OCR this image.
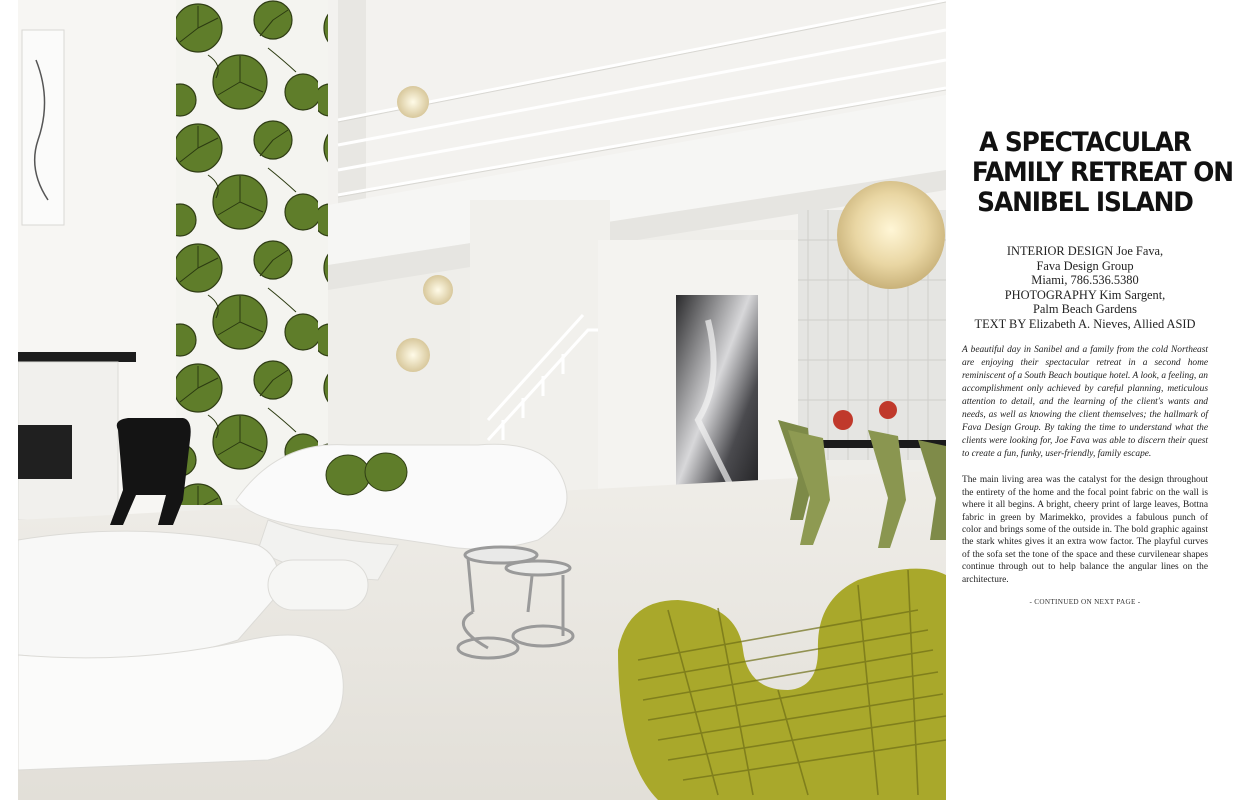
A SPECTACULAR
FAMILY RETREAT ON
SANIBEL ISLAND
INTERIOR DESIGN Joe Fava,
Fava Design Group
Miami, 786.536.5380
PHOTOGRAPHY Kim Sargent,
Palm Beach Gardens
TEXT BY Elizabeth A. Nieves, Allied ASID

A beautiful day in Sanibel and a family from the cold Northeast are enjoying their spectacular retreat in a second home reminiscent of a South Beach boutique hotel. A look, a feeling, an accomplishment only achieved by careful planning, meticulous attention to detail, and the learning of the client's wants and needs, as well as knowing the client themselves; the hallmark of Fava Design Group. By taking the time to understand what the clients were looking for, Joe Fava was able to discern their quest to create a fun, funky, user-friendly, family escape.

The main living area was the catalyst for the design throughout the entirety of the home and the focal point fabric on the wall is where it all begins. A bright, cheery print of large leaves, Bottna fabric in green by Marimekko, provides a fabulous punch of color and brings some of the outside in. The bold graphic against the stark whites gives it an extra wow factor. The playful curves of the sofa set the tone of the space and these curvilenear shapes continue through out to help balance the angular lines on the architecture.

- CONTINUED ON NEXT PAGE -
